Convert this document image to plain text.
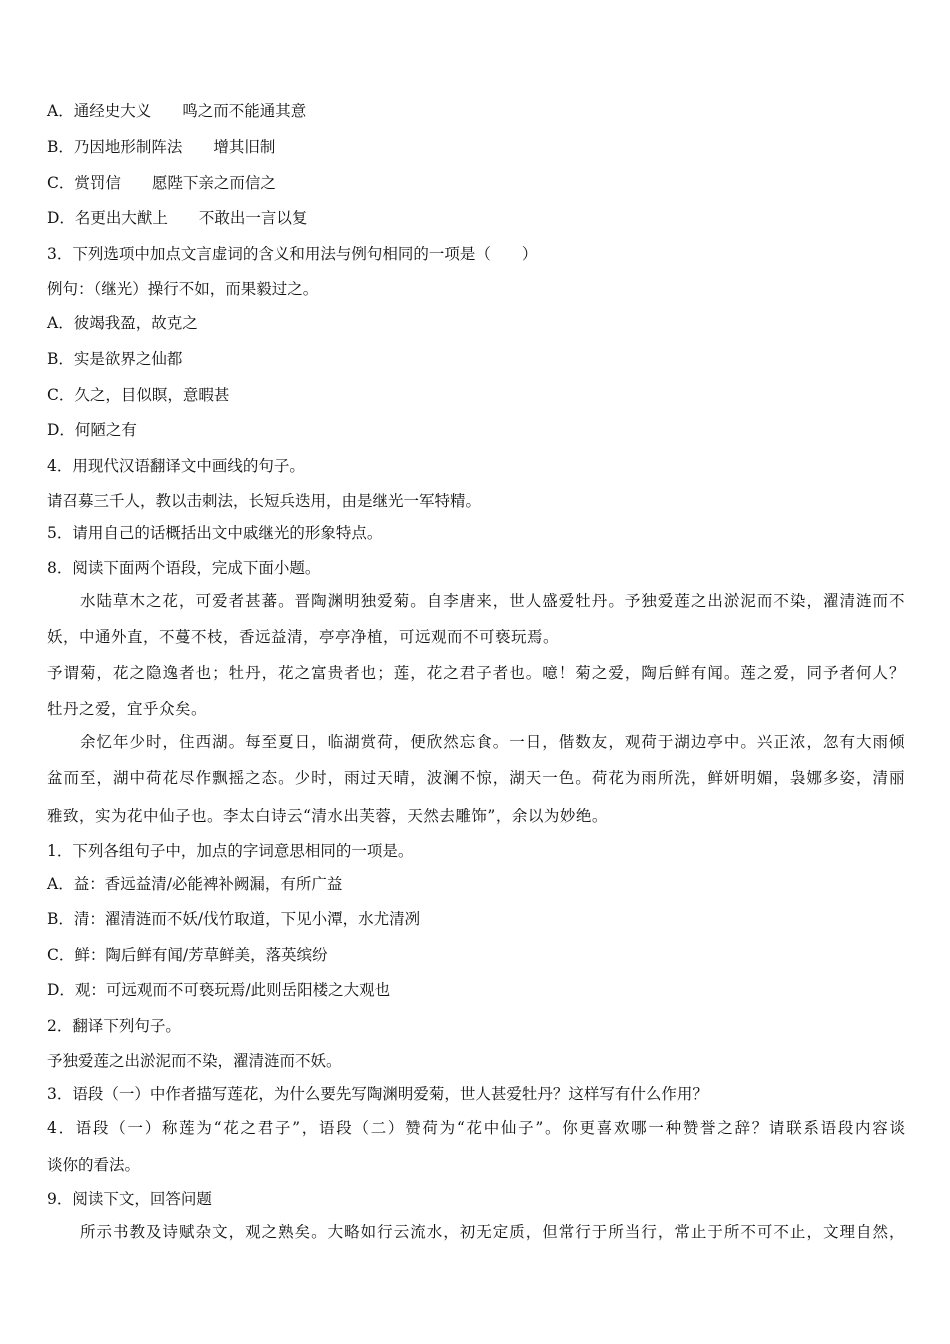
A．通经史大义　　鸣之而不能通其意
B．乃因地形制阵法　　增其旧制
C．赏罚信　　愿陛下亲之而信之
D．名更出大猷上　　不敢出一言以复
3．下列选项中加点文言虚词的含义和用法与例句相同的一项是（　　）
例句：（继光）操行不如，而果毅过之。
A．彼竭我盈，故克之
B．实是欲界之仙都
C．久之，目似瞑，意暇甚
D．何陋之有
4．用现代汉语翻译文中画线的句子。
请召募三千人，教以击刺法，长短兵迭用，由是继光一军特精。
5．请用自己的话概括出文中戚继光的形象特点。
8．阅读下面两个语段，完成下面小题。
水陆草木之花，可爱者甚蕃。晋陶渊明独爱菊。自李唐来，世人盛爱牡丹。予独爱莲之出淤泥而不染，濯清涟而不
妖，中通外直，不蔓不枝，香远益清，亭亭净植，可远观而不可亵玩焉。
予谓菊，花之隐逸者也；牡丹，花之富贵者也；莲，花之君子者也。噫！菊之爱，陶后鲜有闻。莲之爱，同予者何人？
牡丹之爱，宜乎众矣。
余忆年少时，住西湖。每至夏日，临湖赏荷，便欣然忘食。一日，偕数友，观荷于湖边亭中。兴正浓，忽有大雨倾
盆而至，湖中荷花尽作飘摇之态。少时，雨过天晴，波澜不惊，湖天一色。荷花为雨所洗，鲜妍明媚，袅娜多姿，清丽
雅致，实为花中仙子也。李太白诗云“清水出芙蓉，天然去雕饰”，余以为妙绝。
1．下列各组句子中，加点的字词意思相同的一项是。
A．益：香远益清/必能裨补阙漏，有所广益
B．清：濯清涟而不妖/伐竹取道，下见小潭，水尤清冽
C．鲜：陶后鲜有闻/芳草鲜美，落英缤纷
D．观：可远观而不可亵玩焉/此则岳阳楼之大观也
2．翻译下列句子。
予独爱莲之出淤泥而不染，濯清涟而不妖。
3．语段（一）中作者描写莲花，为什么要先写陶渊明爱菊，世人甚爱牡丹？这样写有什么作用？
4．语段（一）称莲为“花之君子”，语段（二）赞荷为“花中仙子”。你更喜欢哪一种赞誉之辞？请联系语段内容谈
谈你的看法。
9．阅读下文，回答问题
所示书教及诗赋杂文，观之熟矣。大略如行云流水，初无定质，但常行于所当行，常止于所不可不止，文理自然，
